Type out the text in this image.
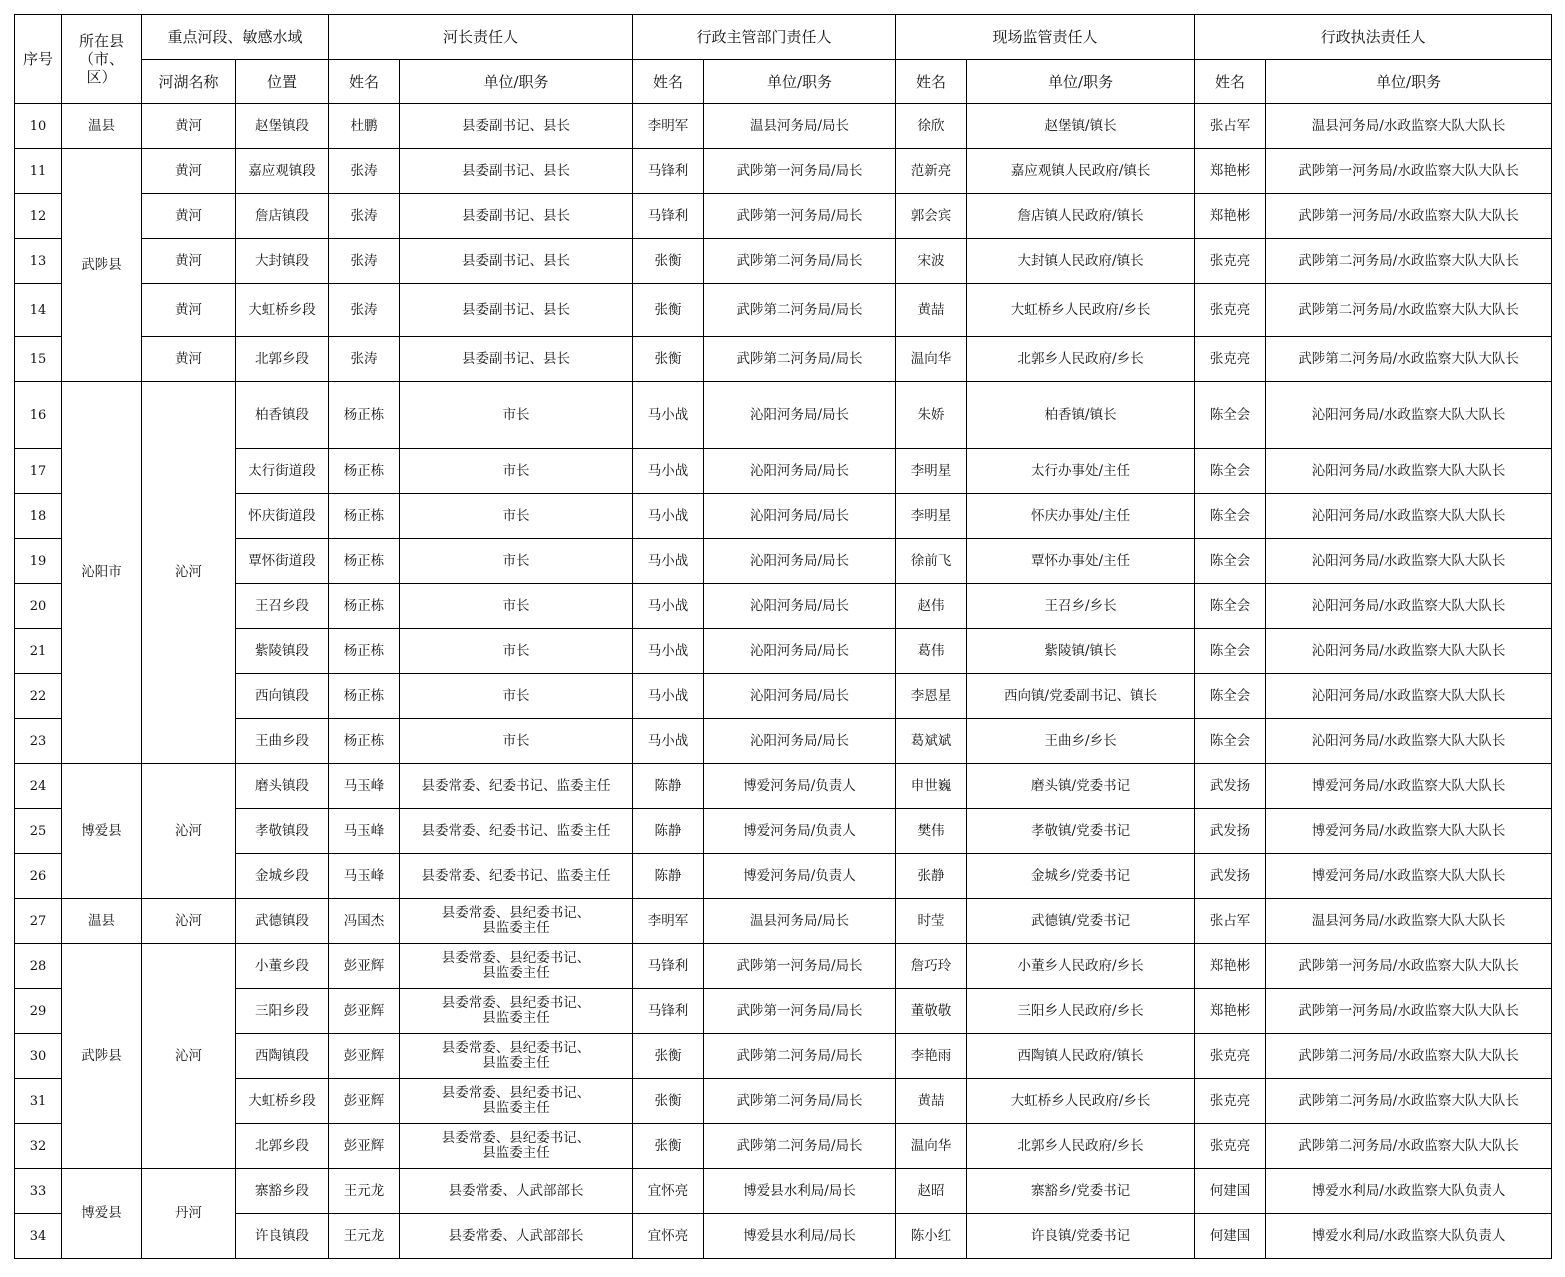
序号	所在县
（市、
区）	重点河段、敏感水域		河长责任人		行政主管部门责任人		现场监管责任人		行政执法责任人	
		河湖名称	位置	姓名	单位/职务	姓名	单位/职务	姓名	单位/职务	姓名	单位/职务
10	温县	黄河	赵堡镇段	杜鹏	县委副书记、县长	李明军	温县河务局/局长	徐欣	赵堡镇/镇长	张占军	温县河务局/水政监察大队大队长
11	武陟县	黄河	嘉应观镇段	张涛	县委副书记、县长	马锋利	武陟第一河务局/局长	范新亮	嘉应观镇人民政府/镇长	郑艳彬	武陟第一河务局/水政监察大队大队长
12		黄河	詹店镇段	张涛	县委副书记、县长	马锋利	武陟第一河务局/局长	郭会宾	詹店镇人民政府/镇长	郑艳彬	武陟第一河务局/水政监察大队大队长
13		黄河	大封镇段	张涛	县委副书记、县长	张衡	武陟第二河务局/局长	宋波	大封镇人民政府/镇长	张克亮	武陟第二河务局/水政监察大队大队长
14		黄河	大虹桥乡段	张涛	县委副书记、县长	张衡	武陟第二河务局/局长	黄喆	大虹桥乡人民政府/乡长	张克亮	武陟第二河务局/水政监察大队大队长
15		黄河	北郭乡段	张涛	县委副书记、县长	张衡	武陟第二河务局/局长	温向华	北郭乡人民政府/乡长	张克亮	武陟第二河务局/水政监察大队大队长
16	沁阳市	沁河	柏香镇段	杨正栋	市长	马小战	沁阳河务局/局长	朱娇	柏香镇/镇长	陈全会	沁阳河务局/水政监察大队大队长
17			太行街道段	杨正栋	市长	马小战	沁阳河务局/局长	李明星	太行办事处/主任	陈全会	沁阳河务局/水政监察大队大队长
18			怀庆街道段	杨正栋	市长	马小战	沁阳河务局/局长	李明星	怀庆办事处/主任	陈全会	沁阳河务局/水政监察大队大队长
19			覃怀街道段	杨正栋	市长	马小战	沁阳河务局/局长	徐前飞	覃怀办事处/主任	陈全会	沁阳河务局/水政监察大队大队长
20			王召乡段	杨正栋	市长	马小战	沁阳河务局/局长	赵伟	王召乡/乡长	陈全会	沁阳河务局/水政监察大队大队长
21			紫陵镇段	杨正栋	市长	马小战	沁阳河务局/局长	葛伟	紫陵镇/镇长	陈全会	沁阳河务局/水政监察大队大队长
22			西向镇段	杨正栋	市长	马小战	沁阳河务局/局长	李恩星	西向镇/党委副书记、镇长	陈全会	沁阳河务局/水政监察大队大队长
23			王曲乡段	杨正栋	市长	马小战	沁阳河务局/局长	葛斌斌	王曲乡/乡长	陈全会	沁阳河务局/水政监察大队大队长
24	博爱县	沁河	磨头镇段	马玉峰	县委常委、纪委书记、监委主任	陈静	博爱河务局/负责人	申世巍	磨头镇/党委书记	武发扬	博爱河务局/水政监察大队大队长
25			孝敬镇段	马玉峰	县委常委、纪委书记、监委主任	陈静	博爱河务局/负责人	樊伟	孝敬镇/党委书记	武发扬	博爱河务局/水政监察大队大队长
26			金城乡段	马玉峰	县委常委、纪委书记、监委主任	陈静	博爱河务局/负责人	张静	金城乡/党委书记	武发扬	博爱河务局/水政监察大队大队长
27	温县	沁河	武德镇段	冯国杰	县委常委、县纪委书记、
县监委主任	李明军	温县河务局/局长	时莹	武德镇/党委书记	张占军	温县河务局/水政监察大队大队长
28	武陟县	沁河	小董乡段	彭亚辉	县委常委、县纪委书记、
县监委主任	马锋利	武陟第一河务局/局长	詹巧玲	小董乡人民政府/乡长	郑艳彬	武陟第一河务局/水政监察大队大队长
29			三阳乡段	彭亚辉	县委常委、县纪委书记、
县监委主任	马锋利	武陟第一河务局/局长	董敬敬	三阳乡人民政府/乡长	郑艳彬	武陟第一河务局/水政监察大队大队长
30			西陶镇段	彭亚辉	县委常委、县纪委书记、
县监委主任	张衡	武陟第二河务局/局长	李艳雨	西陶镇人民政府/镇长	张克亮	武陟第二河务局/水政监察大队大队长
31			大虹桥乡段	彭亚辉	县委常委、县纪委书记、
县监委主任	张衡	武陟第二河务局/局长	黄喆	大虹桥乡人民政府/乡长	张克亮	武陟第二河务局/水政监察大队大队长
32			北郭乡段	彭亚辉	县委常委、县纪委书记、
县监委主任	张衡	武陟第二河务局/局长	温向华	北郭乡人民政府/乡长	张克亮	武陟第二河务局/水政监察大队大队长
33	博爱县	丹河	寨豁乡段	王元龙	县委常委、人武部部长	宜怀亮	博爱县水利局/局长	赵昭	寨豁乡/党委书记	何建国	博爱水利局/水政监察大队负责人
34			许良镇段	王元龙	县委常委、人武部部长	宜怀亮	博爱县水利局/局长	陈小红	许良镇/党委书记	何建国	博爱水利局/水政监察大队负责人
